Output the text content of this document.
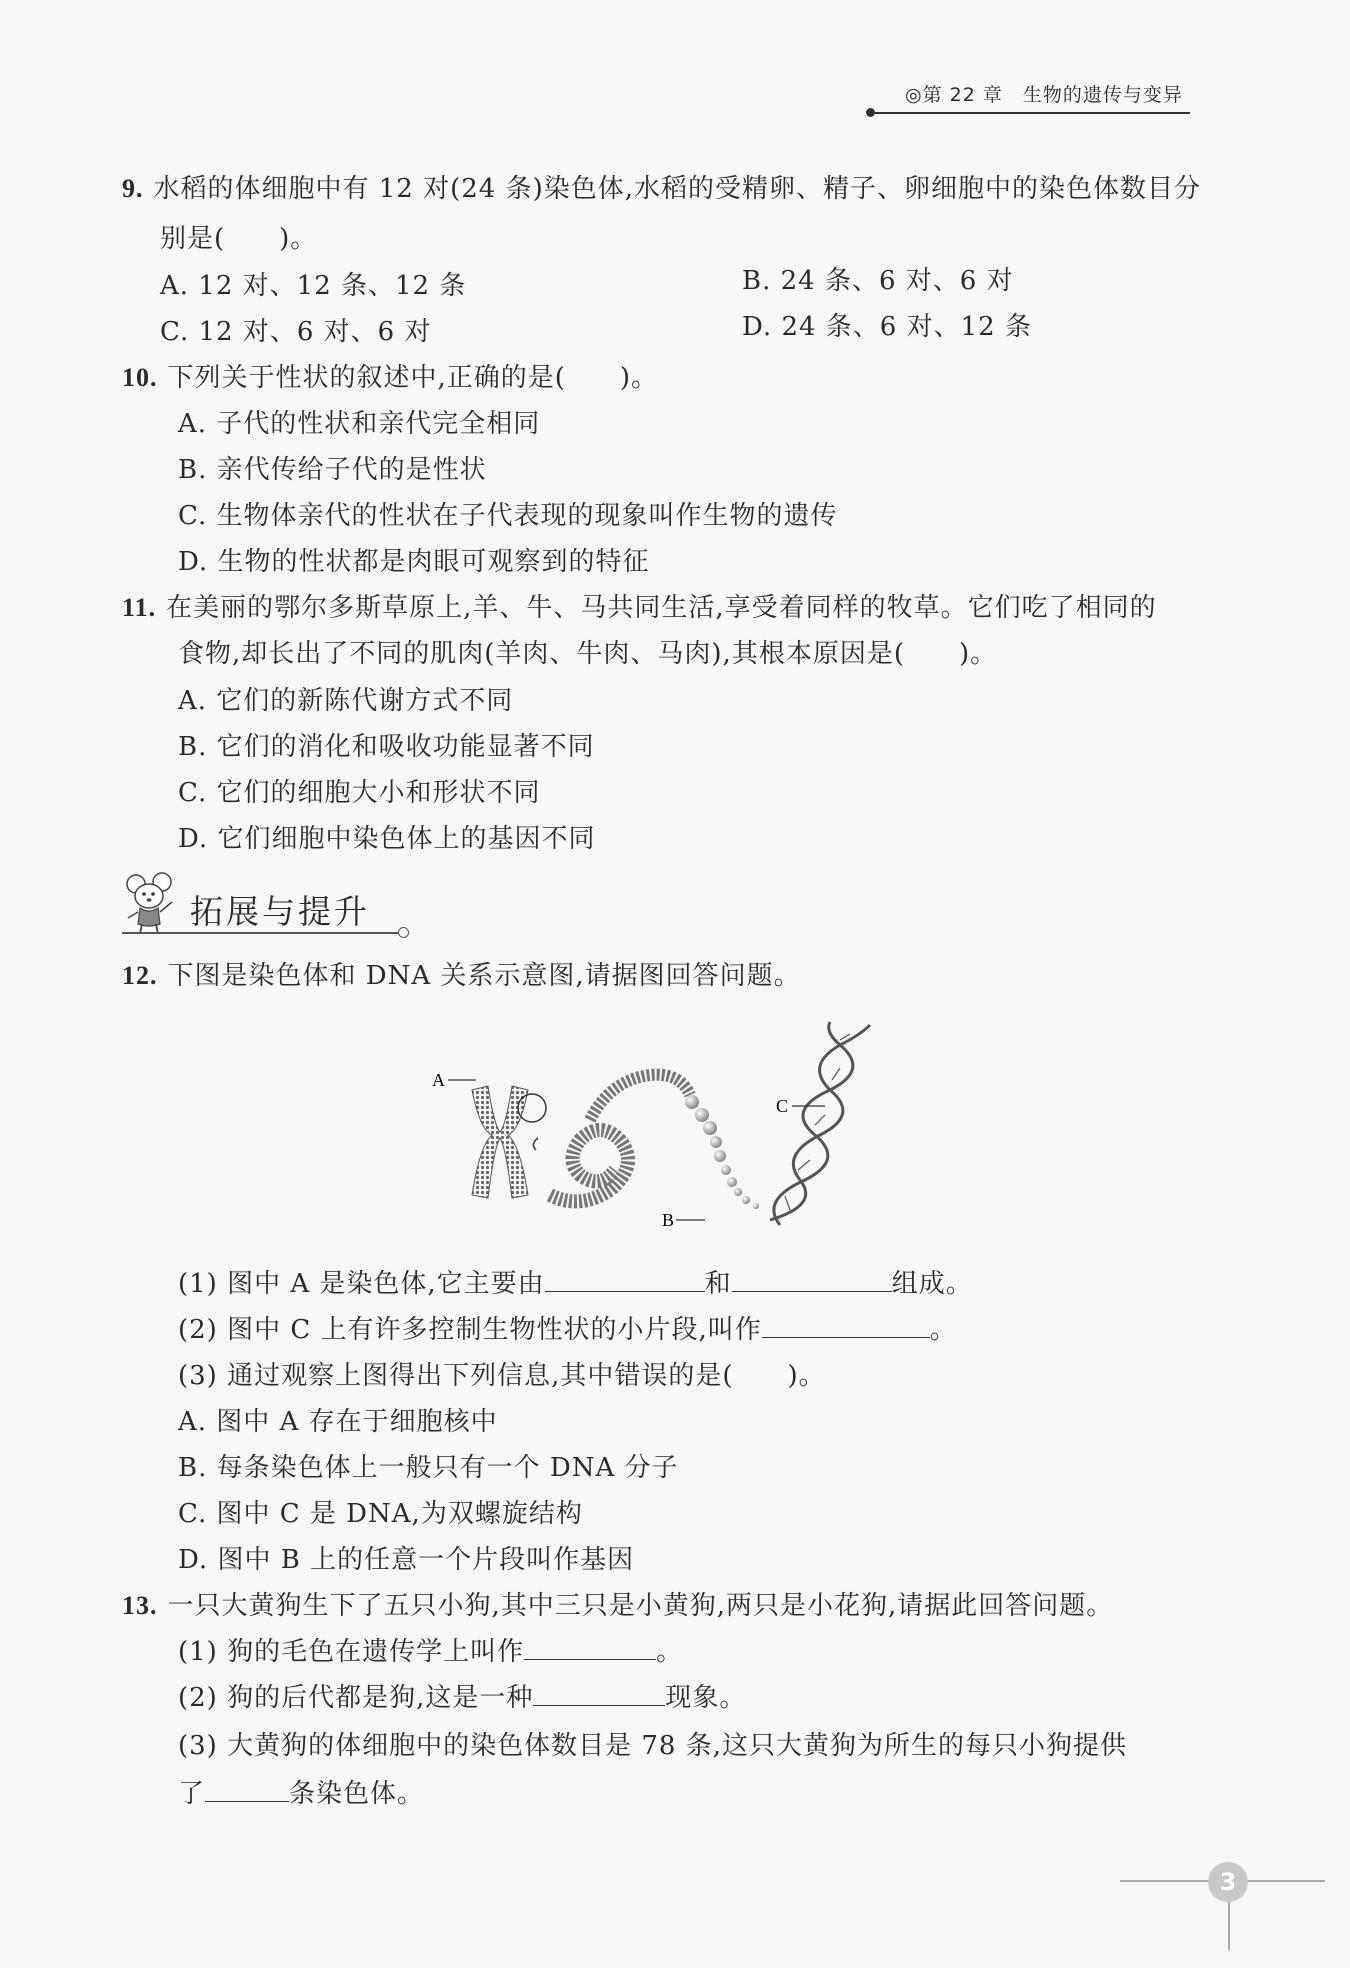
◎第 22 章　生物的遗传与变异
9. 水稻的体细胞中有 12 对(24 条)染色体,水稻的受精卵、精子、卵细胞中的染色体数目分
别是(　　)。
A. 12 对、12 条、12 条	B. 24 条、6 对、6 对
C. 12 对、6 对、6 对	D. 24 条、6 对、12 条
10. 下列关于性状的叙述中,正确的是(　　)。
A. 子代的性状和亲代完全相同
B. 亲代传给子代的是性状
C. 生物体亲代的性状在子代表现的现象叫作生物的遗传
D. 生物的性状都是肉眼可观察到的特征
11. 在美丽的鄂尔多斯草原上,羊、牛、马共同生活,享受着同样的牧草。它们吃了相同的
食物,却长出了不同的肌肉(羊肉、牛肉、马肉),其根本原因是(　　)。
A. 它们的新陈代谢方式不同
B. 它们的消化和吸收功能显著不同
C. 它们的细胞大小和形状不同
D. 它们细胞中染色体上的基因不同
拓展与提升
12. 下图是染色体和 DNA 关系示意图,请据图回答问题。
A
B
C
(1) 图中 A 是染色体,它主要由	和	组成。
(2) 图中 C 上有许多控制生物性状的小片段,叫作	。
(3) 通过观察上图得出下列信息,其中错误的是(　　)。
A. 图中 A 存在于细胞核中
B. 每条染色体上一般只有一个 DNA 分子
C. 图中 C 是 DNA,为双螺旋结构
D. 图中 B 上的任意一个片段叫作基因
13. 一只大黄狗生下了五只小狗,其中三只是小黄狗,两只是小花狗,请据此回答问题。
(1) 狗的毛色在遗传学上叫作	。
(2) 狗的后代都是狗,这是一种	现象。
(3) 大黄狗的体细胞中的染色体数目是 78 条,这只大黄狗为所生的每只小狗提供
了	条染色体。
3
